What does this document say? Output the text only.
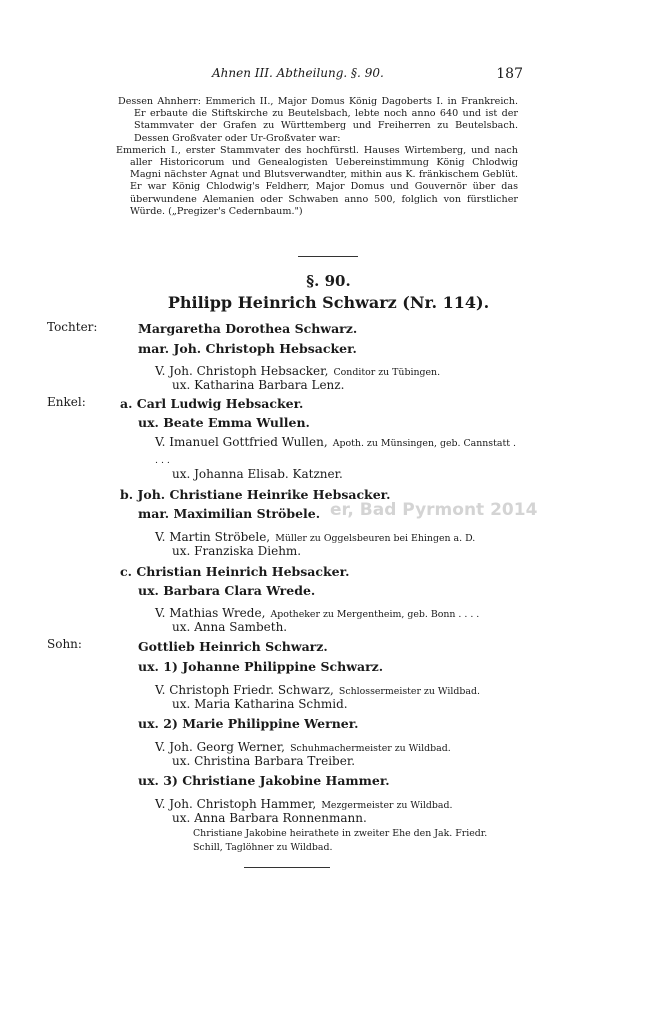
Ahnen III. Abtheilung. §. 90.	187

Dessen Ahnherr: Emmerich II., Major Domus König Dagoberts I. in Frankreich. Er erbaute die Stiftskirche zu Beutelsbach, lebte noch anno 640 und ist der Stammvater der Grafen zu Württemberg und Freiherren zu Beutelsbach. Dessen Großvater oder Ur-Großvater war:

Emmerich I., erster Stammvater des hochfürstl. Hauses Wirtemberg, und nach aller Historicorum und Genealogisten Uebereinstimmung König Chlodwig Magni nächster Agnat und Blutsverwandter, mithin aus K. fränkischem Geblüt. Er war König Chlodwig's Feldherr, Major Domus und Gouvernör über das überwundene Alemanien oder Schwaben anno 500, folglich von fürstlicher Würde. („Pregizer's Cedernbaum.")

§. 90.
Philipp Heinrich Schwarz (Nr. 114).
Tochter:
Enkel:
Sohn:
Margaretha Dorothea Schwarz.
mar. Joh. Christoph Hebsacker.
V. Joh. Christoph Hebsacker, Conditor zu Tübingen.
ux. Katharina Barbara Lenz.
a. Carl Ludwig Hebsacker.
ux. Beate Emma Wullen.
V. Imanuel Gottfried Wullen, Apoth. zu Münsingen, geb. Cannstatt . . . .
ux. Johanna Elisab. Katzner.
b. Joh. Christiane Heinrike Hebsacker.
mar. Maximilian Ströbele.
V. Martin Ströbele, Müller zu Oggelsbeuren bei Ehingen a. D.
ux. Franziska Diehm.
c. Christian Heinrich Hebsacker.
ux. Barbara Clara Wrede.
V. Mathias Wrede, Apotheker zu Mergentheim, geb. Bonn . . . .
ux. Anna Sambeth.
Gottlieb Heinrich Schwarz.
ux. 1) Johanne Philippine Schwarz.
V. Christoph Friedr. Schwarz, Schlossermeister zu Wildbad.
ux. Maria Katharina Schmid.
ux. 2) Marie Philippine Werner.
V. Joh. Georg Werner, Schuhmachermeister zu Wildbad.
ux. Christina Barbara Treiber.
ux. 3) Christiane Jakobine Hammer.
V. Joh. Christoph Hammer, Mezgermeister zu Wildbad.
ux. Anna Barbara Ronnenmann.
Christiane Jakobine heirathete in zweiter Ehe den Jak. Friedr. Schill, Taglöhner zu Wildbad.
er, Bad Pyrmont 2014
